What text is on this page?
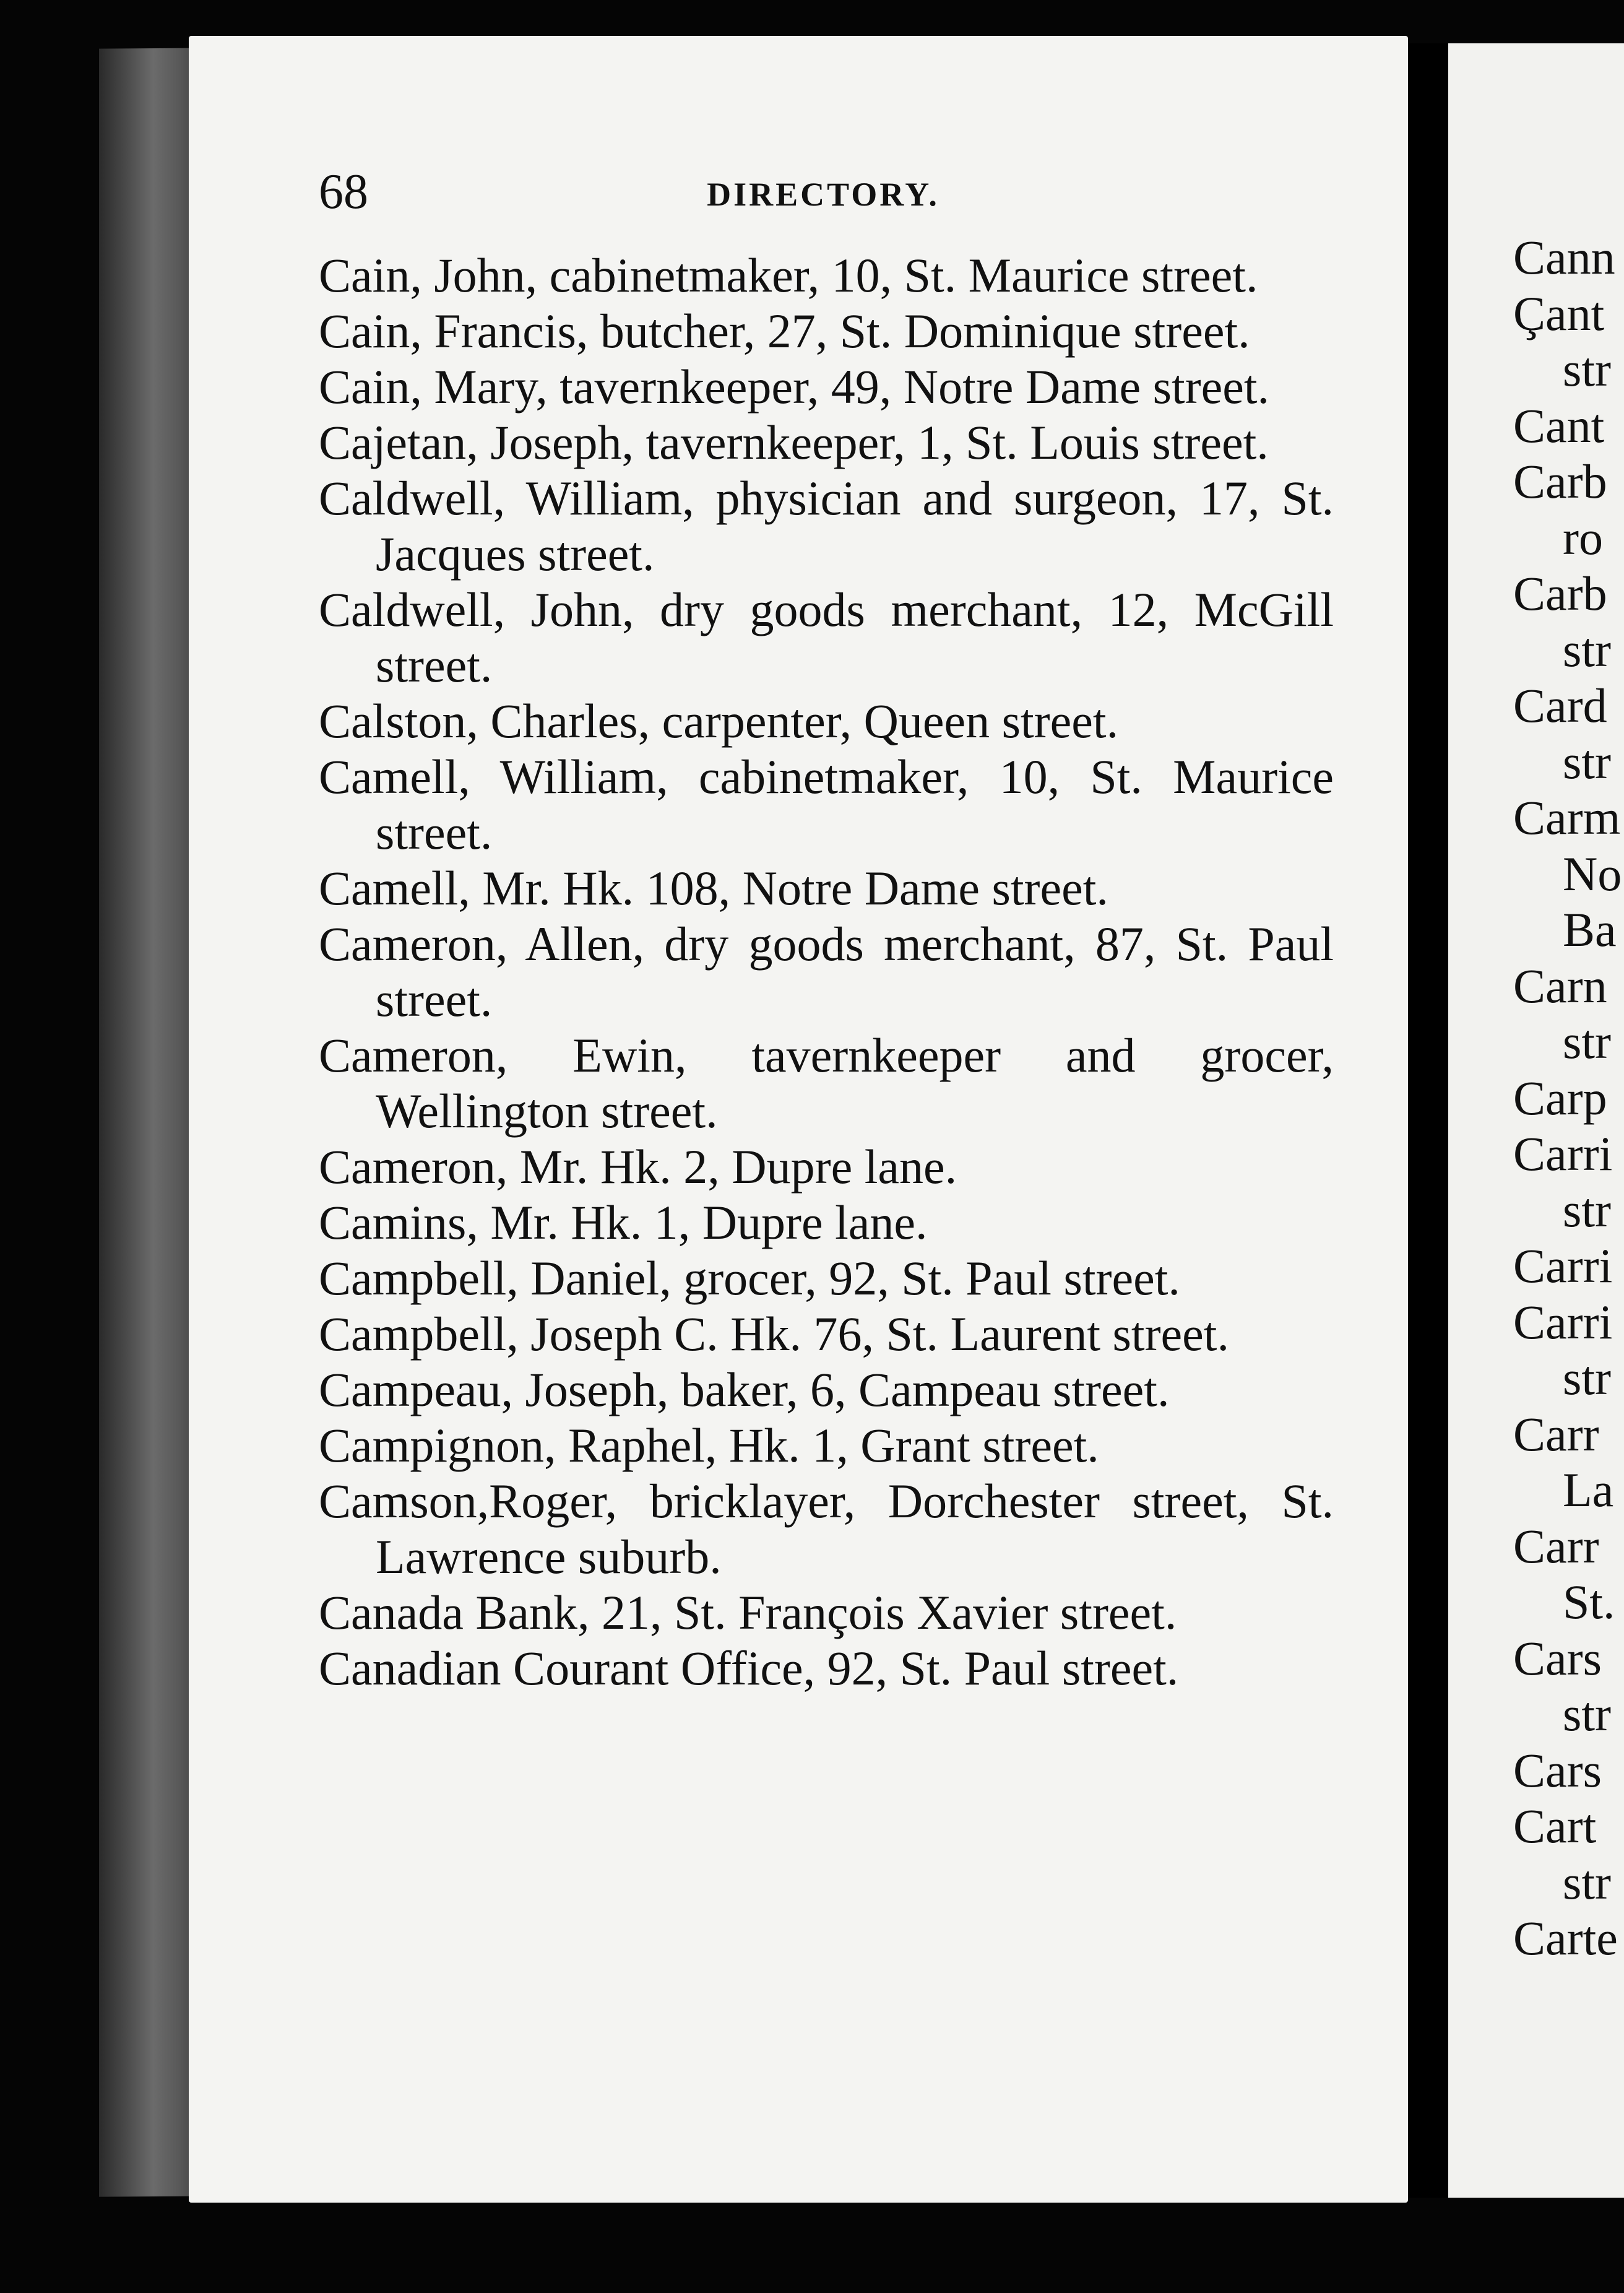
Cann
Çant
str
Cant
Carb
ro
Carb
str
Card
str
Carm
No
Ba
Carn
str
Carp
Carri
str
Carri
Carri
str
Carr
La
Carr
St.
Cars
str
Cars
Cart
str
Carte
68	DIRECTORY.

Cain, John, cabinetmaker, 10, St. Maurice street.

Cain, Francis, butcher, 27, St. Dominique street.

Cain, Mary, tavernkeeper, 49, Notre Dame street.

Cajetan, Joseph, tavernkeeper, 1, St. Louis street.

Caldwell, William, physician and surgeon, 17, St. Jacques street.

Caldwell, John, dry goods merchant, 12, McGill street.

Calston, Charles, carpenter, Queen street.

Camell, William, cabinetmaker, 10, St. Maurice street.

Camell, Mr. Hk. 108, Notre Dame street.

Cameron, Allen, dry goods merchant, 87, St. Paul street.

Cameron, Ewin, tavernkeeper and grocer, Wellington street.

Cameron, Mr. Hk. 2, Dupre lane.

Camins, Mr. Hk. 1, Dupre lane.

Campbell, Daniel, grocer, 92, St. Paul street.

Campbell, Joseph C. Hk. 76, St. Laurent street.

Campeau, Joseph, baker, 6, Campeau street.

Campignon, Raphel, Hk. 1, Grant street.

Camson,Roger, bricklayer, Dorchester street, St. Lawrence suburb.

Canada Bank, 21, St. François Xavier street.

Canadian Courant Office, 92, St. Paul street.
